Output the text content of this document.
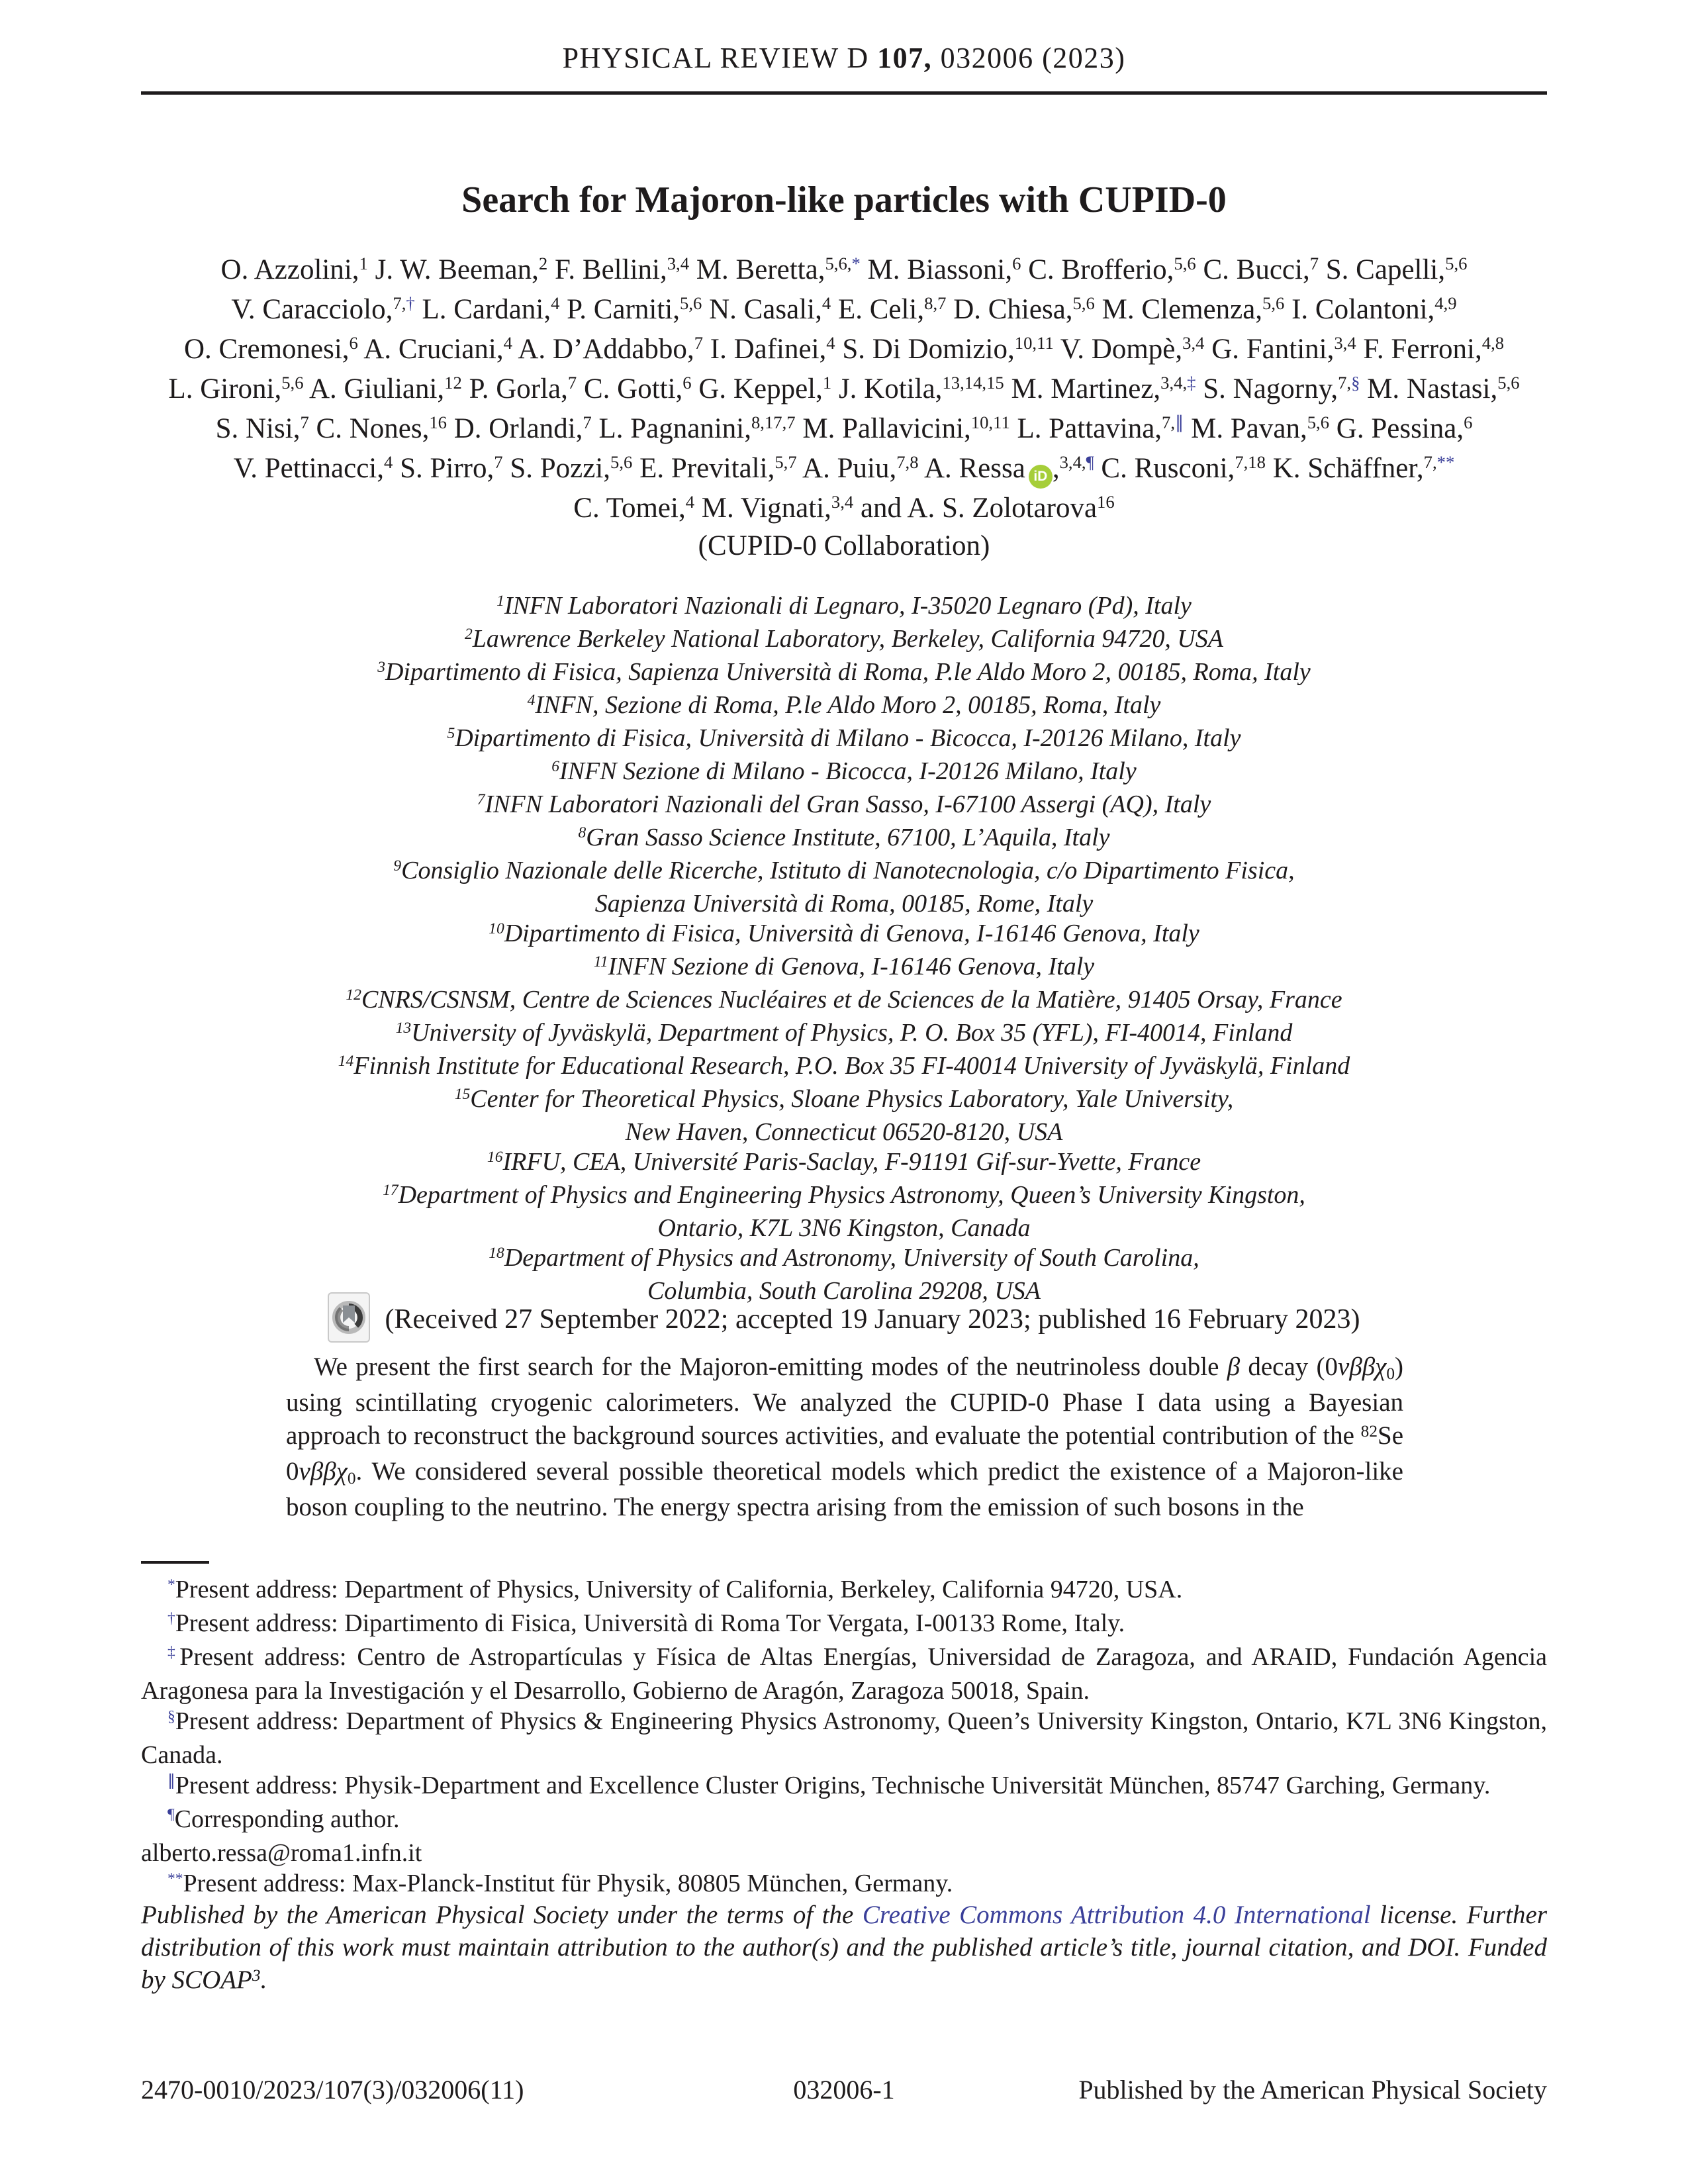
PHYSICAL REVIEW D 107, 032006 (2023)
Search for Majoron-like particles with CUPID-0
O. Azzolini,$^1$ J. W. Beeman,$^2$ F. Bellini,$^{3,4}$ M. Beretta,$^{5,6,*}$ M. Biassoni,$^6$ C. Brofferio,$^{5,6}$ C. Bucci,$^7$ S. Capelli,$^{5,6}$
V. Caracciolo,$^{7,\dagger}$ L. Cardani,$^4$ P. Carniti,$^{5,6}$ N. Casali,$^4$ E. Celi,$^{8,7}$ D. Chiesa,$^{5,6}$ M. Clemenza,$^{5,6}$ I. Colantoni,$^{4,9}$
O. Cremonesi,$^6$ A. Cruciani,$^4$ A. D’Addabbo,$^7$ I. Dafinei,$^4$ S. Di Domizio,$^{10,11}$ V. Dompè,$^{3,4}$ G. Fantini,$^{3,4}$ F. Ferroni,$^{4,8}$
L. Gironi,$^{5,6}$ A. Giuliani,$^{12}$ P. Gorla,$^7$ C. Gotti,$^6$ G. Keppel,$^1$ J. Kotila,$^{13,14,15}$ M. Martinez,$^{3,4,\ddagger}$ S. Nagorny,$^{7,\S}$ M. Nastasi,$^{5,6}$
S. Nisi,$^7$ C. Nones,$^{16}$ D. Orlandi,$^7$ L. Pagnanini,$^{8,17,7}$ M. Pallavicini,$^{10,11}$ L. Pattavina,$^{7,\parallel}$ M. Pavan,$^{5,6}$ G. Pessina,$^6$
V. Pettinacci,$^4$ S. Pirro,$^7$ S. Pozzi,$^{5,6}$ E. Previtali,$^{5,7}$ A. Puiu,$^{7,8}$ A. Ressa iD ,$^{3,4,\P}$ C. Rusconi,$^{7,18}$ K. Schäffner,$^{7,**}$
C. Tomei,$^4$ M. Vignati,$^{3,4}$ and A. S. Zolotarova$^{16}$
(CUPID-0 Collaboration)
$^1$INFN Laboratori Nazionali di Legnaro, I-35020 Legnaro (Pd), Italy
$^2$Lawrence Berkeley National Laboratory, Berkeley, California 94720, USA
$^3$Dipartimento di Fisica, Sapienza Università di Roma, P.le Aldo Moro 2, 00185, Roma, Italy
$^4$INFN, Sezione di Roma, P.le Aldo Moro 2, 00185, Roma, Italy
$^5$Dipartimento di Fisica, Università di Milano - Bicocca, I-20126 Milano, Italy
$^6$INFN Sezione di Milano - Bicocca, I-20126 Milano, Italy
$^7$INFN Laboratori Nazionali del Gran Sasso, I-67100 Assergi (AQ), Italy
$^8$Gran Sasso Science Institute, 67100, L’Aquila, Italy
$^9$Consiglio Nazionale delle Ricerche, Istituto di Nanotecnologia, c/o Dipartimento Fisica,
Sapienza Università di Roma, 00185, Rome, Italy
$^{10}$Dipartimento di Fisica, Università di Genova, I-16146 Genova, Italy
$^{11}$INFN Sezione di Genova, I-16146 Genova, Italy
$^{12}$CNRS/CSNSM, Centre de Sciences Nucléaires et de Sciences de la Matière, 91405 Orsay, France
$^{13}$University of Jyväskylä, Department of Physics, P. O. Box 35 (YFL), FI-40014, Finland
$^{14}$Finnish Institute for Educational Research, P.O. Box 35 FI-40014 University of Jyväskylä, Finland
$^{15}$Center for Theoretical Physics, Sloane Physics Laboratory, Yale University,
New Haven, Connecticut 06520-8120, USA
$^{16}$IRFU, CEA, Université Paris-Saclay, F-91191 Gif-sur-Yvette, France
$^{17}$Department of Physics and Engineering Physics Astronomy, Queen’s University Kingston,
Ontario, K7L 3N6 Kingston, Canada
$^{18}$Department of Physics and Astronomy, University of South Carolina,
Columbia, South Carolina 29208, USA
(Received 27 September 2022; accepted 19 January 2023; published 16 February 2023)
We present the first search for the Majoron-emitting modes of the neutrinoless double β decay (0νββχ0) using scintillating cryogenic calorimeters. We analyzed the CUPID-0 Phase I data using a Bayesian approach to reconstruct the background sources activities, and evaluate the potential contribution of the $^{82}$Se 0νββχ0. We considered several possible theoretical models which predict the existence of a Majoron-like boson coupling to the neutrino. The energy spectra arising from the emission of such bosons in the
*Present address: Department of Physics, University of California, Berkeley, California 94720, USA.
†Present address: Dipartimento di Fisica, Università di Roma Tor Vergata, I-00133 Rome, Italy.
‡Present address: Centro de Astropartículas y Física de Altas Energías, Universidad de Zaragoza, and ARAID, Fundación Agencia Aragonesa para la Investigación y el Desarrollo, Gobierno de Aragón, Zaragoza 50018, Spain.
§Present address: Department of Physics & Engineering Physics Astronomy, Queen’s University Kingston, Ontario, K7L 3N6 Kingston, Canada.
∥Present address: Physik-Department and Excellence Cluster Origins, Technische Universität München, 85747 Garching, Germany.
¶Corresponding author.
alberto.ressa@roma1.infn.it
**Present address: Max-Planck-Institut für Physik, 80805 München, Germany.
Published by the American Physical Society under the terms of the Creative Commons Attribution 4.0 International license. Further distribution of this work must maintain attribution to the author(s) and the published article’s title, journal citation, and DOI. Funded by SCOAP$^3$.
2470-0010/2023/107(3)/032006(11)	032006-1	Published by the American Physical Society
